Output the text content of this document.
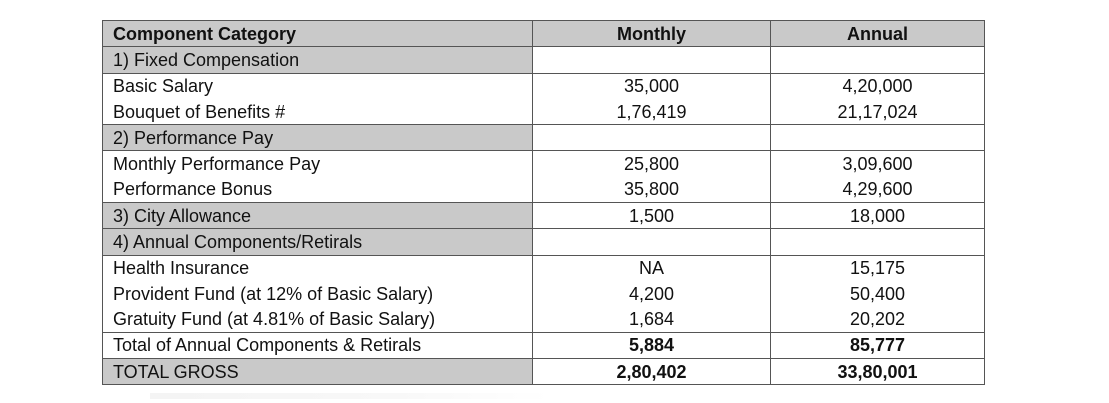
Component Category	Monthly	Annual
1) Fixed Compensation		
Basic Salary	35,000	4,20,000
Bouquet of Benefits #	1,76,419	21,17,024
2) Performance Pay		
Monthly Performance Pay	25,800	3,09,600
Performance Bonus	35,800	4,29,600
3) City Allowance	1,500	18,000
4) Annual Components/Retirals		
Health Insurance	NA	15,175
Provident Fund (at 12% of Basic Salary)	4,200	50,400
Gratuity Fund (at 4.81% of Basic Salary)	1,684	20,202
Total of Annual Components & Retirals	5,884	85,777
TOTAL GROSS	2,80,402	33,80,001
